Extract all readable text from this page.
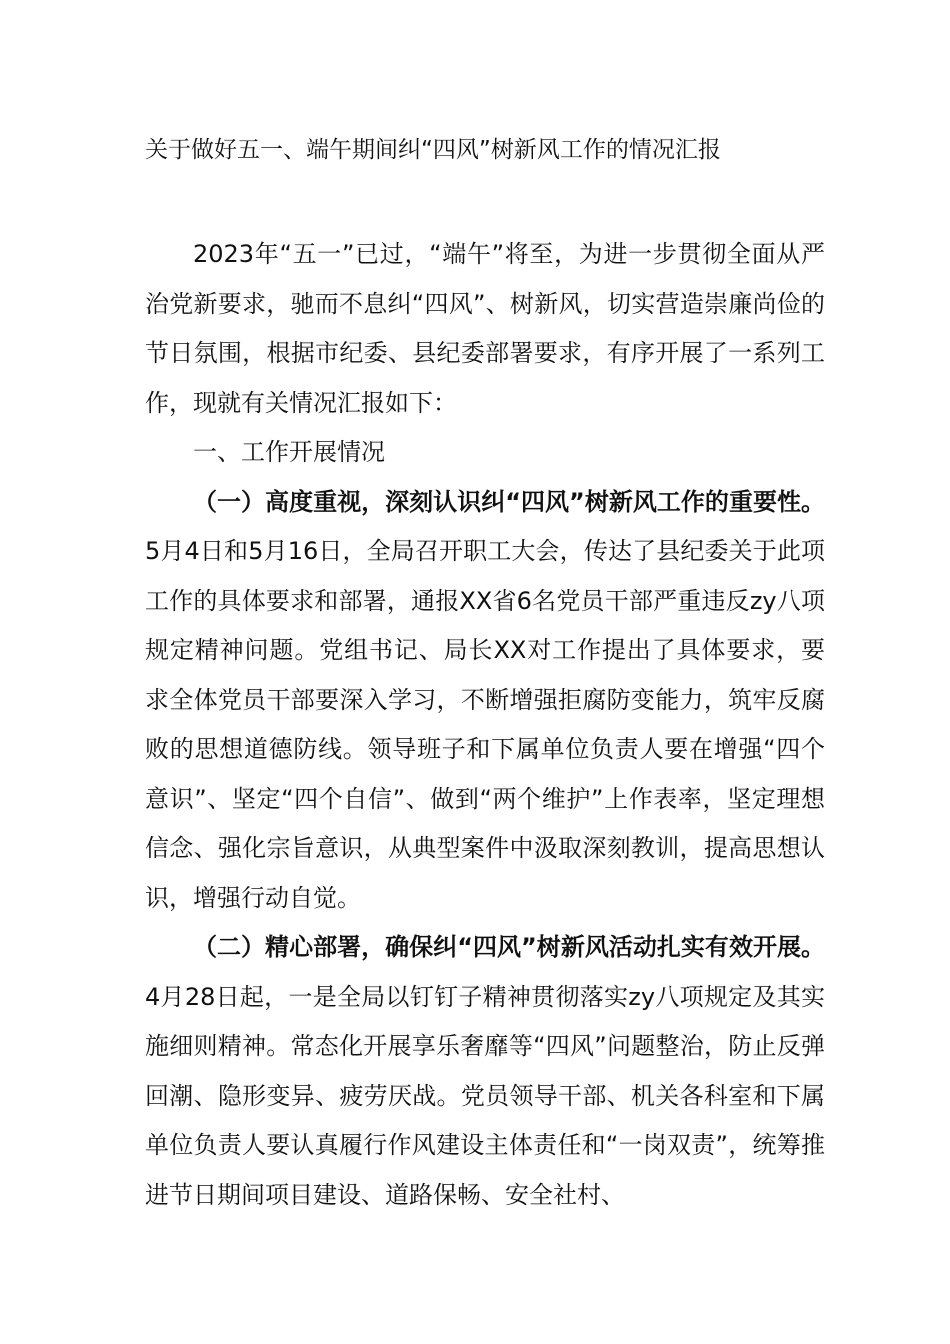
关于做好五一、端午期间纠“四风”树新风工作的情况汇报

2023年“五一”已过，“端午”将至，为进一步贯彻全面从严治党新要求，驰而不息纠“四风”、树新风，切实营造崇廉尚俭的节日氛围，根据市纪委、县纪委部署要求，有序开展了一系列工作，现就有关情况汇报如下：

一、工作开展情况

（一）高度重视，深刻认识纠“四风”树新风工作的重要性。5月4日和5月16日，全局召开职工大会，传达了县纪委关于此项工作的具体要求和部署，通报XX省6名党员干部严重违反zy八项规定精神问题。党组书记、局长XX对工作提出了具体要求，要求全体党员干部要深入学习，不断增强拒腐防变能力，筑牢反腐败的思想道德防线。领导班子和下属单位负责人要在增强“四个意识”、坚定“四个自信”、做到“两个维护”上作表率，坚定理想信念、强化宗旨意识，从典型案件中汲取深刻教训，提高思想认识，增强行动自觉。

（二）精心部署，确保纠“四风”树新风活动扎实有效开展。4月28日起，一是全局以钉钉子精神贯彻落实zy八项规定及其实施细则精神。常态化开展享乐奢靡等“四风”问题整治，防止反弹回潮、隐形变异、疲劳厌战。党员领导干部、机关各科室和下属单位负责人要认真履行作风建设主体责任和“一岗双责”，统筹推进节日期间项目建设、道路保畅、安全社村、
